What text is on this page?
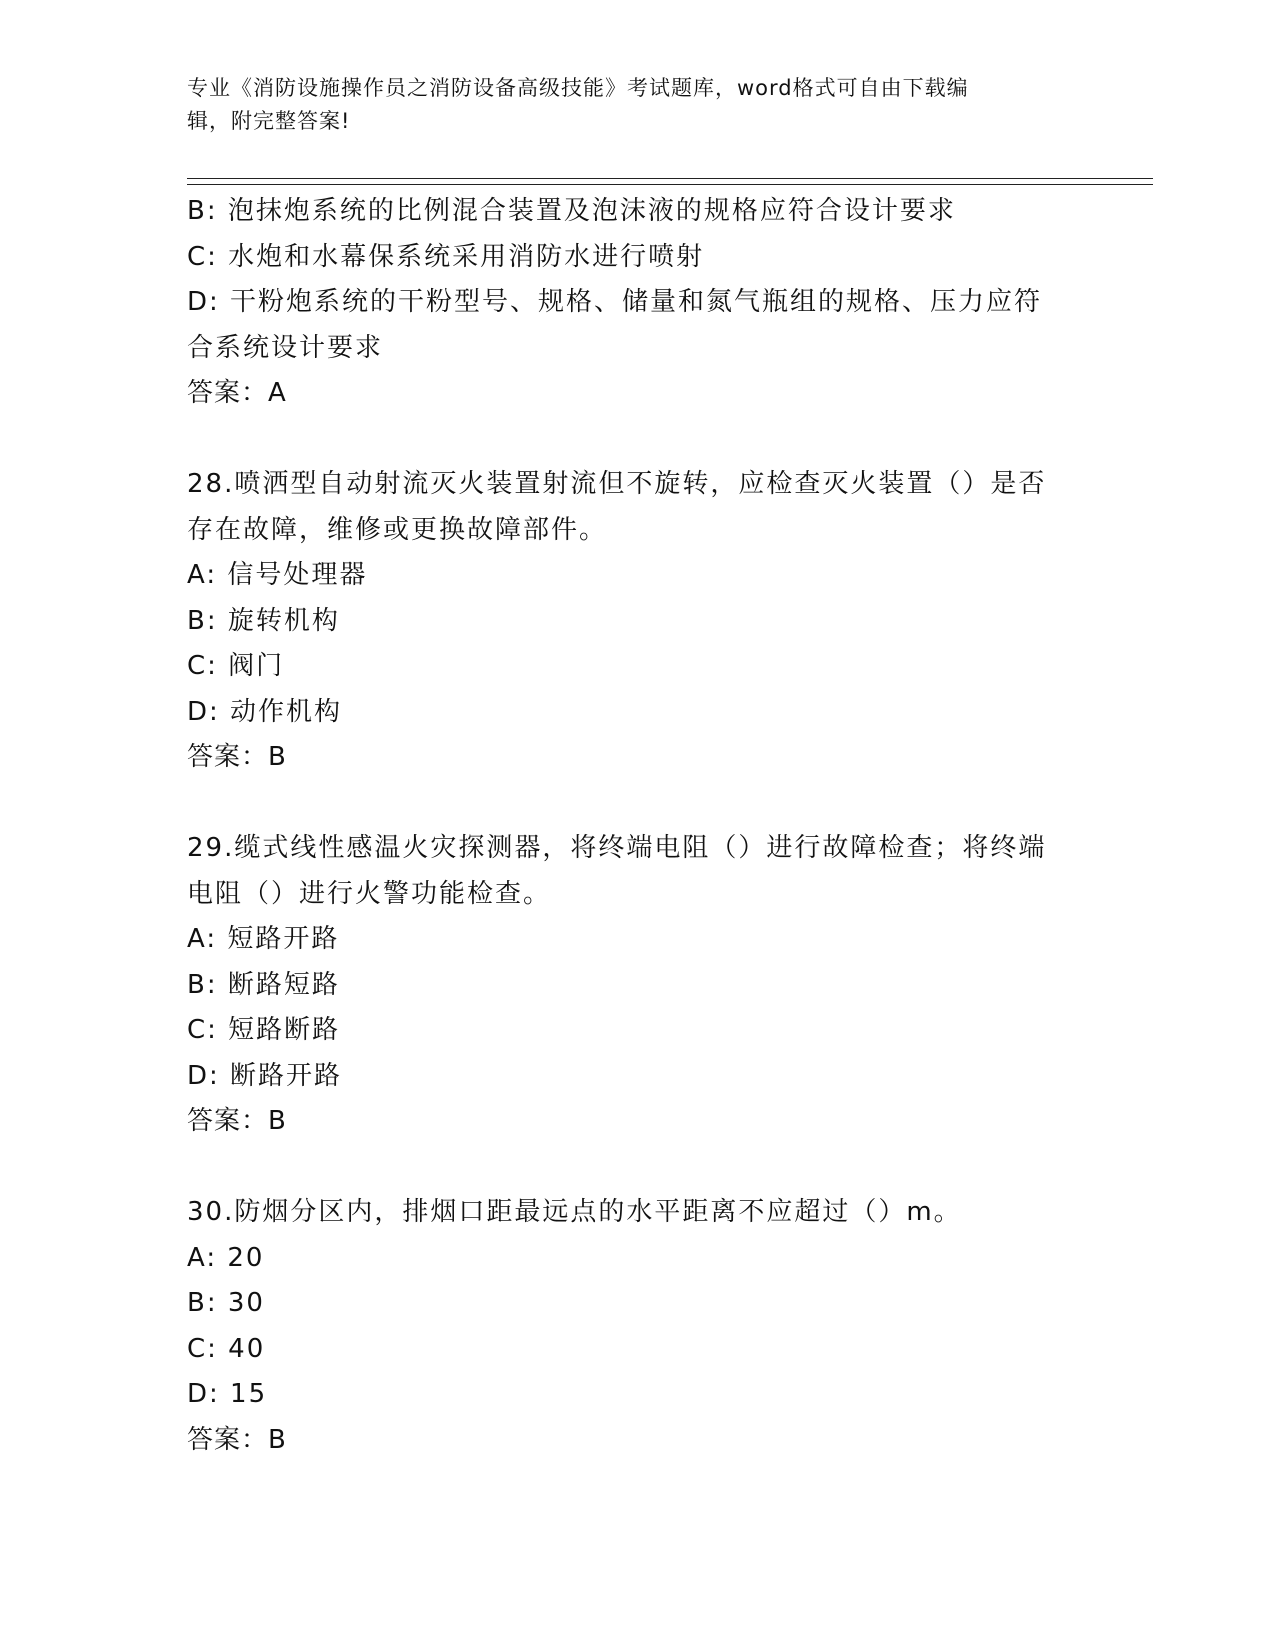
专业《消防设施操作员之消防设备高级技能》考试题库，word格式可自由下载编
辑，附完整答案!
B: 泡抹炮系统的比例混合装置及泡沫液的规格应符合设计要求
C: 水炮和水幕保系统采用消防水进行喷射
D: 干粉炮系统的干粉型号、规格、储量和氮气瓶组的规格、压力应符
合系统设计要求
答案：A
28.喷洒型自动射流灭火装置射流但不旋转，应检查灭火装置（）是否
存在故障，维修或更换故障部件。
A: 信号处理器
B: 旋转机构
C: 阀门
D: 动作机构
答案：B
29.缆式线性感温火灾探测器，将终端电阻（）进行故障检查；将终端
电阻（）进行火警功能检查。
A: 短路开路
B: 断路短路
C: 短路断路
D: 断路开路
答案：B
30.防烟分区内，排烟口距最远点的水平距离不应超过（）m。
A: 20
B: 30
C: 40
D: 15
答案：B
